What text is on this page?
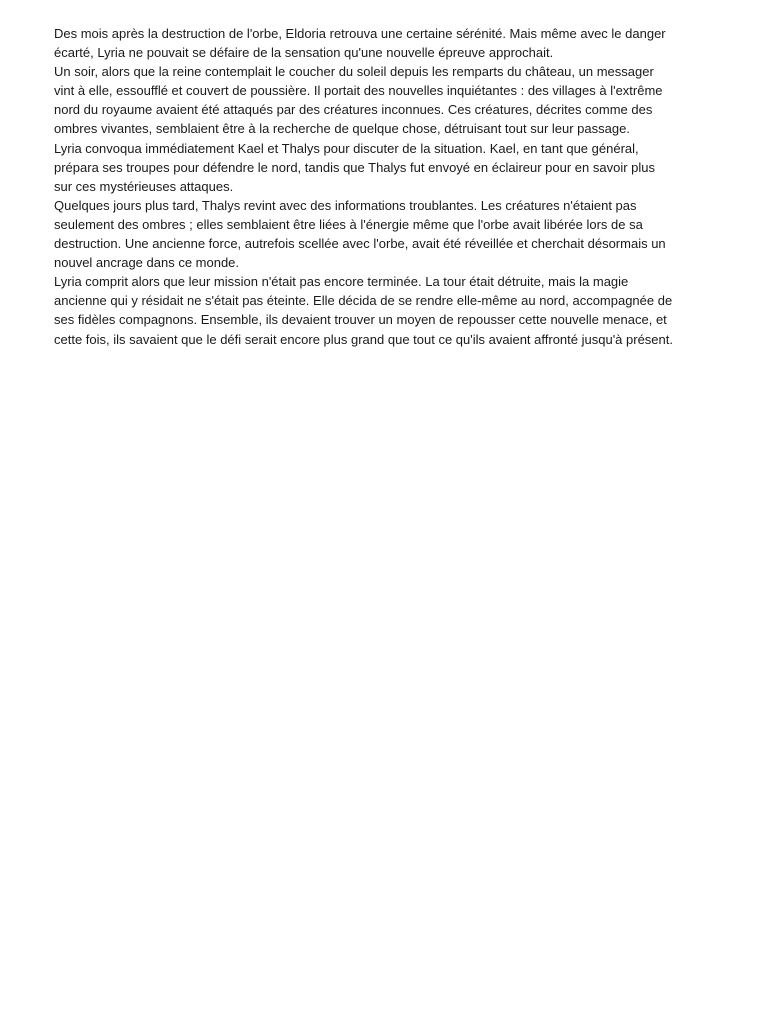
Des mois après la destruction de l'orbe, Eldoria retrouva une certaine sérénité. Mais même avec le danger écarté, Lyria ne pouvait se défaire de la sensation qu'une nouvelle épreuve approchait.

Un soir, alors que la reine contemplait le coucher du soleil depuis les remparts du château, un messager vint à elle, essoufflé et couvert de poussière. Il portait des nouvelles inquiétantes : des villages à l'extrême nord du royaume avaient été attaqués par des créatures inconnues. Ces créatures, décrites comme des ombres vivantes, semblaient être à la recherche de quelque chose, détruisant tout sur leur passage.

Lyria convoqua immédiatement Kael et Thalys pour discuter de la situation. Kael, en tant que général, prépara ses troupes pour défendre le nord, tandis que Thalys fut envoyé en éclaireur pour en savoir plus sur ces mystérieuses attaques.

Quelques jours plus tard, Thalys revint avec des informations troublantes. Les créatures n'étaient pas seulement des ombres ; elles semblaient être liées à l'énergie même que l'orbe avait libérée lors de sa destruction. Une ancienne force, autrefois scellée avec l'orbe, avait été réveillée et cherchait désormais un nouvel ancrage dans ce monde.

Lyria comprit alors que leur mission n'était pas encore terminée. La tour était détruite, mais la magie ancienne qui y résidait ne s'était pas éteinte. Elle décida de se rendre elle-même au nord, accompagnée de ses fidèles compagnons. Ensemble, ils devaient trouver un moyen de repousser cette nouvelle menace, et cette fois, ils savaient que le défi serait encore plus grand que tout ce qu'ils avaient affronté jusqu'à présent.
